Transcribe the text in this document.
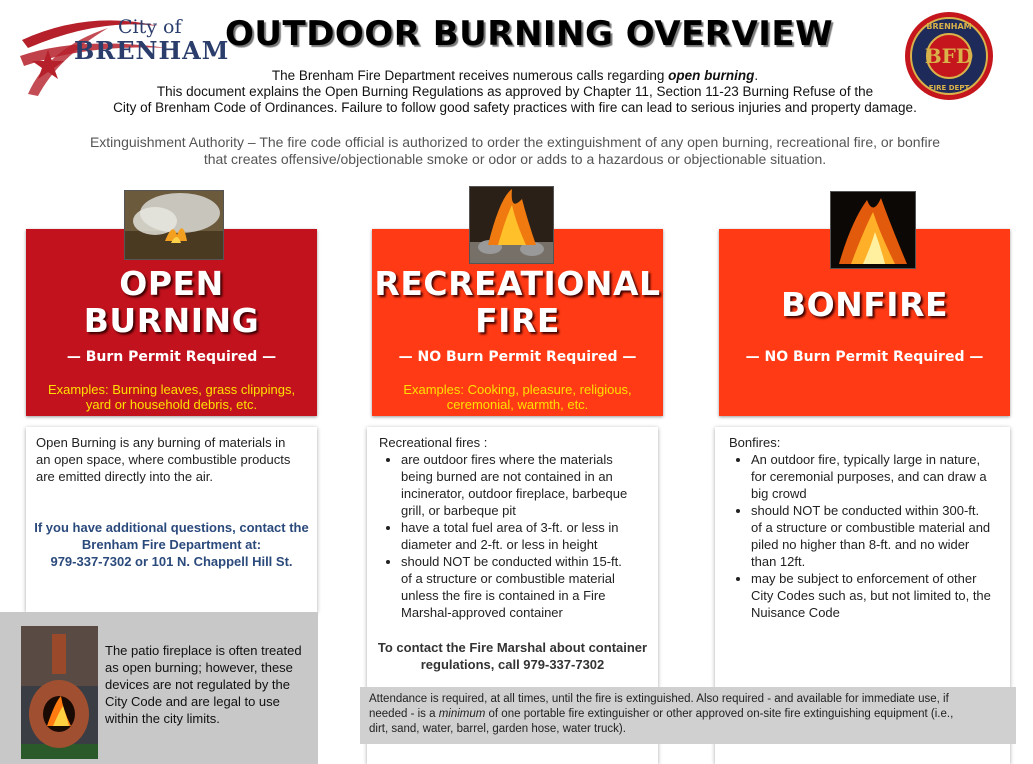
City of
BRENHAM
OUTDOOR BURNING OVERVIEW
BFD
BRENHAM
FIRE DEPT
The Brenham Fire Department receives numerous calls regarding open burning.
This document explains the Open Burning Regulations as approved by Chapter 11, Section 11-23 Burning Refuse of the
City of Brenham Code of Ordinances. Failure to follow good safety practices with fire can lead to serious injuries and property damage.
Extinguishment Authority – The fire code official is authorized to order the extinguishment of any open burning, recreational fire, or bonfire
that creates offensive/objectionable smoke or odor or adds to a hazardous or objectionable situation.
OPEN
BURNING
— Burn Permit Required —
Examples: Burning leaves, grass clippings,
yard or household debris, etc.
RECREATIONAL
FIRE
— NO Burn Permit Required —
Examples: Cooking, pleasure, religious,
ceremonial, warmth, etc.
BONFIRE
— NO Burn Permit Required —
Open Burning is any burning of materials in
an open space, where combustible products
are emitted directly into the air.
If you have additional questions, contact the
Brenham Fire Department at:
979-337-7302 or 101 N. Chappell Hill St.
Recreational fires :
• are outdoor fires where the materials
being burned are not contained in an
incinerator, outdoor fireplace, barbeque
grill, or barbeque pit
• have a total fuel area of 3-ft. or less in
diameter and 2-ft. or less in height
• should NOT be conducted within 15-ft.
of a structure or combustible material
unless the fire is contained in a Fire
Marshal-approved container
To contact the Fire Marshal about container
regulations, call 979-337-7302
Bonfires:
• An outdoor fire, typically large in nature,
for ceremonial purposes, and can draw a
big crowd
• should NOT be conducted within 300-ft.
of a structure or combustible material and
piled no higher than 8-ft. and no wider
than 12ft.
• may be subject to enforcement of other
City Codes such as, but not limited to, the
Nuisance Code
The patio fireplace is often treated
as open burning; however, these
devices are not regulated by the
City Code and are legal to use
within the city limits.
Attendance is required, at all times, until the fire is extinguished. Also required - and available for immediate use, if
needed - is a minimum of one portable fire extinguisher or other approved on-site fire extinguishing equipment (i.e.,
dirt, sand, water, barrel, garden hose, water truck).
